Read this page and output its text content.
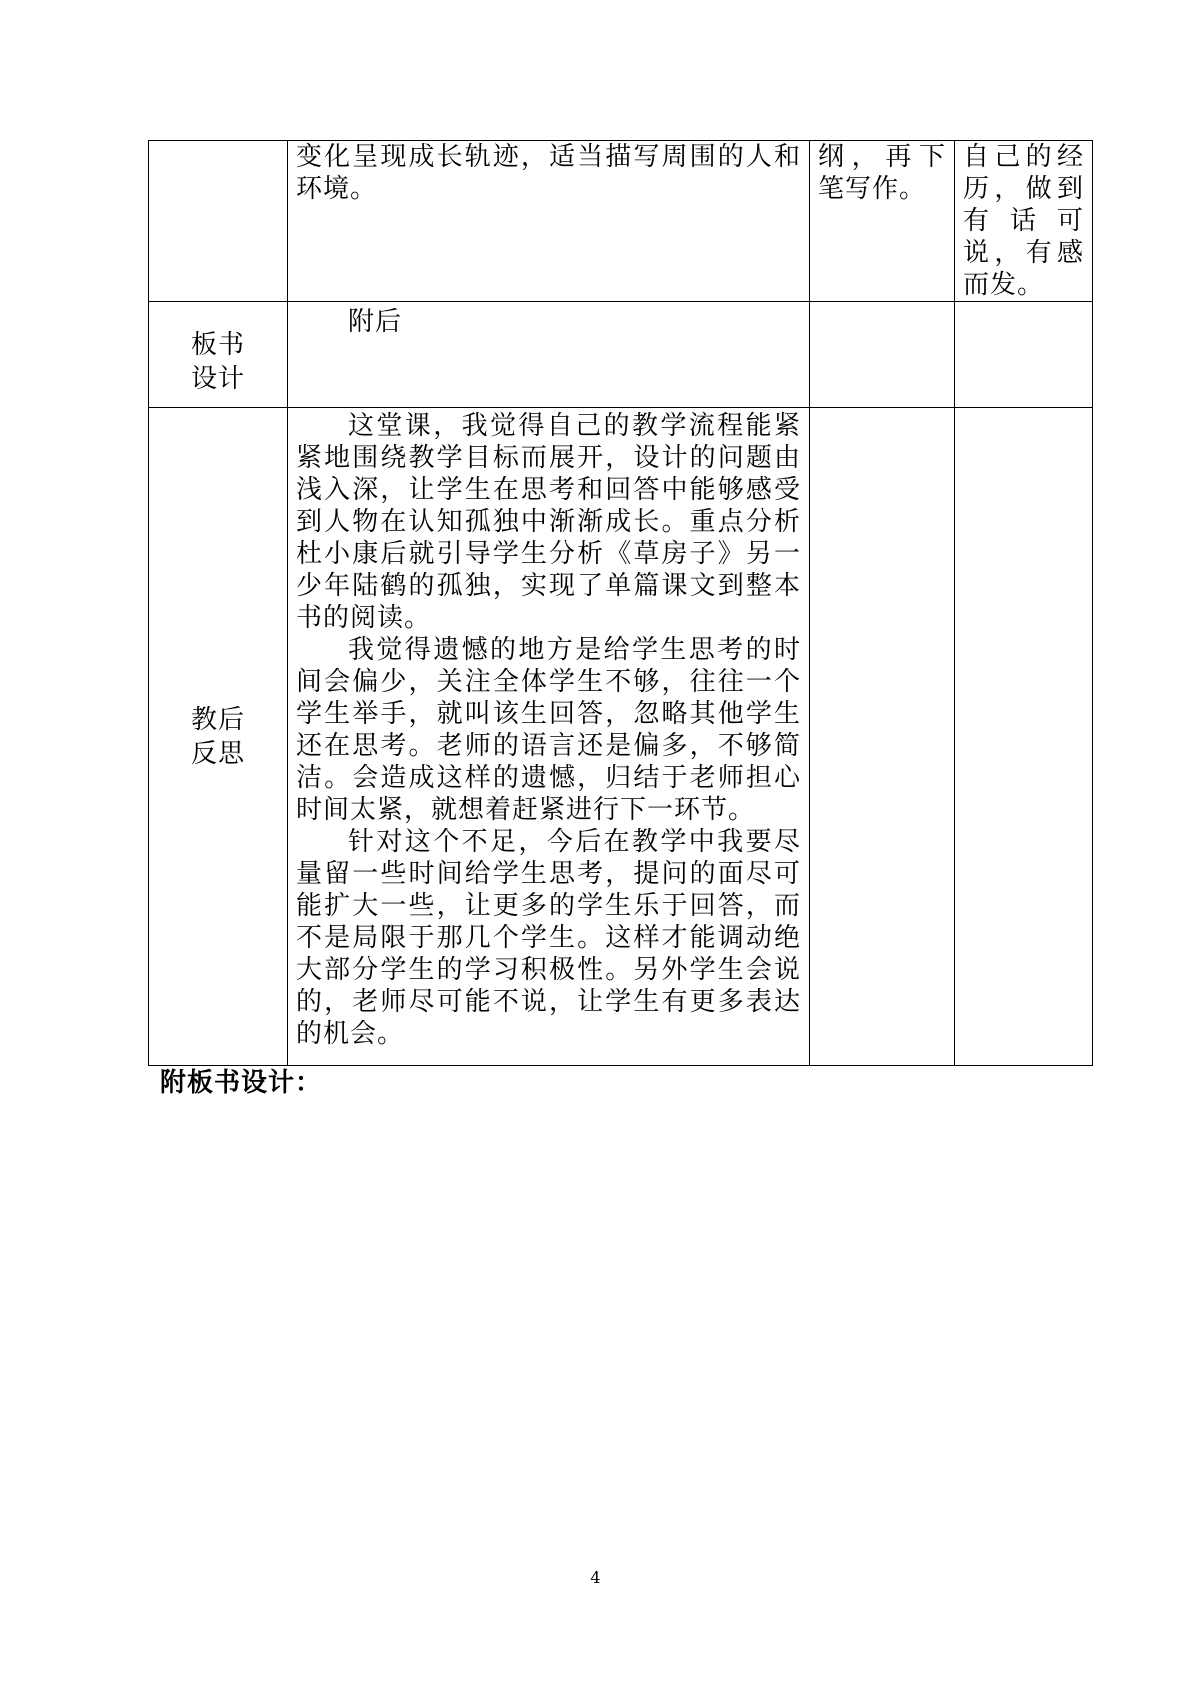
	变化呈现成长轨迹，适当描写周围的人和环境。	纲，再下笔写作。	自己的经历，做到有话可说，有感而发。

板书设计	附后		

教后反思	这堂课，我觉得自己的教学流程能紧紧地围绕教学目标而展开，设计的问题由浅入深，让学生在思考和回答中能够感受到人物在认知孤独中渐渐成长。重点分析杜小康后就引导学生分析《草房子》另一少年陆鹤的孤独，实现了单篇课文到整本书的阅读。

我觉得遗憾的地方是给学生思考的时间会偏少，关注全体学生不够，往往一个学生举手，就叫该生回答，忽略其他学生还在思考。老师的语言还是偏多，不够简洁。会造成这样的遗憾，归结于老师担心时间太紧，就想着赶紧进行下一环节。

针对这个不足，今后在教学中我要尽量留一些时间给学生思考，提问的面尽可能扩大一些，让更多的学生乐于回答，而不是局限于那几个学生。这样才能调动绝大部分学生的学习积极性。另外学生会说的，老师尽可能不说，让学生有更多表达的机会。		

附板书设计：
4
